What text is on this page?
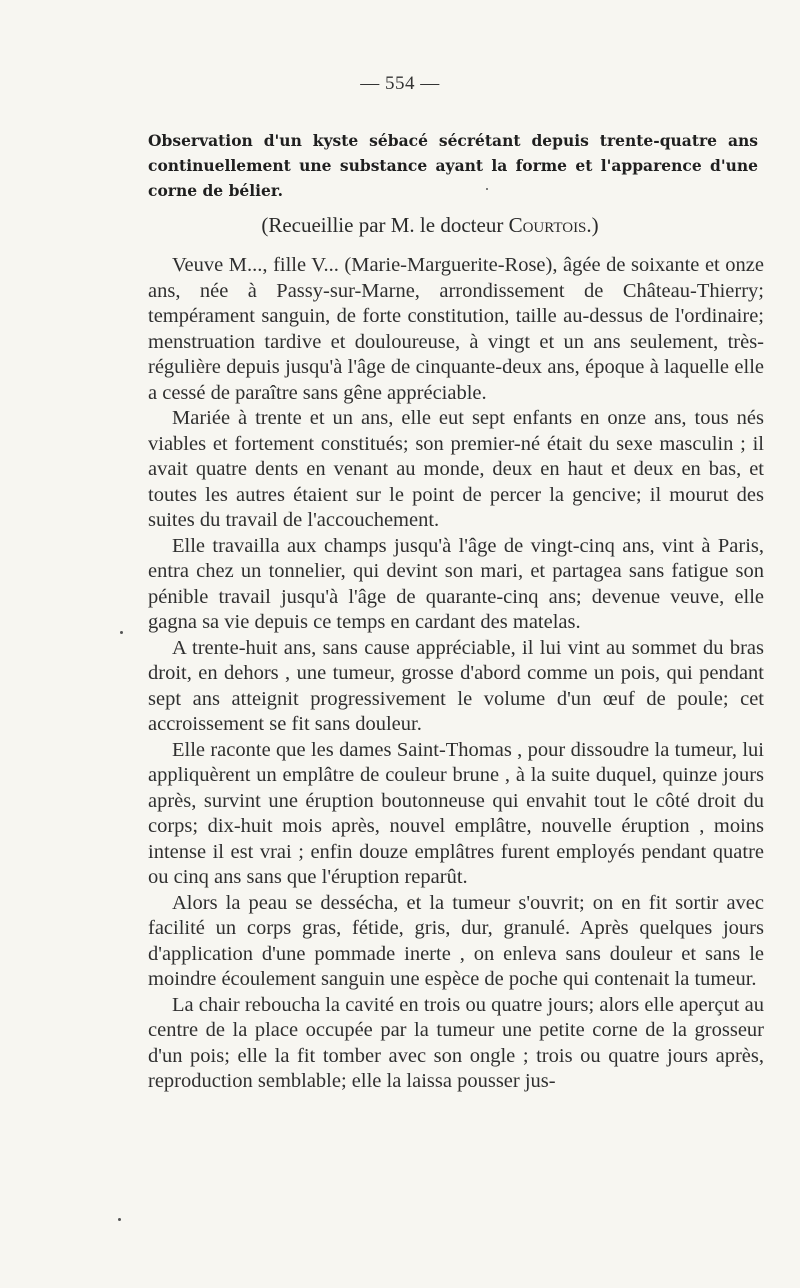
— 554 —
Observation d'un kyste sébacé sécrétant depuis trente-quatre ans continuellement une substance ayant la forme et l'apparence d'une corne de bélier.
(Recueillie par M. le docteur Courtois.)

Veuve M..., fille V... (Marie-Marguerite-Rose), âgée de soixante et onze ans, née à Passy-sur-Marne, arrondissement de Château-Thierry; tempérament sanguin, de forte constitution, taille au-dessus de l'ordinaire; menstruation tardive et douloureuse, à vingt et un ans seulement, très-régulière depuis jusqu'à l'âge de cinquante-deux ans, époque à laquelle elle a cessé de paraître sans gêne appréciable.

Mariée à trente et un ans, elle eut sept enfants en onze ans, tous nés viables et fortement constitués; son premier-né était du sexe masculin ; il avait quatre dents en venant au monde, deux en haut et deux en bas, et toutes les autres étaient sur le point de percer la gencive; il mourut des suites du travail de l'accouchement.

Elle travailla aux champs jusqu'à l'âge de vingt-cinq ans, vint à Paris, entra chez un tonnelier, qui devint son mari, et partagea sans fatigue son pénible travail jusqu'à l'âge de quarante-cinq ans; devenue veuve, elle gagna sa vie depuis ce temps en cardant des matelas.

A trente-huit ans, sans cause appréciable, il lui vint au sommet du bras droit, en dehors , une tumeur, grosse d'abord comme un pois, qui pendant sept ans atteignit progressivement le volume d'un œuf de poule; cet accroissement se fit sans douleur.

Elle raconte que les dames Saint-Thomas , pour dissoudre la tumeur, lui appliquèrent un emplâtre de couleur brune , à la suite duquel, quinze jours après, survint une éruption boutonneuse qui envahit tout le côté droit du corps; dix-huit mois après, nouvel emplâtre, nouvelle éruption , moins intense il est vrai ; enfin douze emplâtres furent employés pendant quatre ou cinq ans sans que l'éruption reparût.

Alors la peau se dessécha, et la tumeur s'ouvrit; on en fit sortir avec facilité un corps gras, fétide, gris, dur, granulé. Après quelques jours d'application d'une pommade inerte , on enleva sans douleur et sans le moindre écoulement sanguin une espèce de poche qui contenait la tumeur.

La chair reboucha la cavité en trois ou quatre jours; alors elle aperçut au centre de la place occupée par la tumeur une petite corne de la grosseur d'un pois; elle la fit tomber avec son ongle ; trois ou quatre jours après, reproduction semblable; elle la laissa pousser jus-
